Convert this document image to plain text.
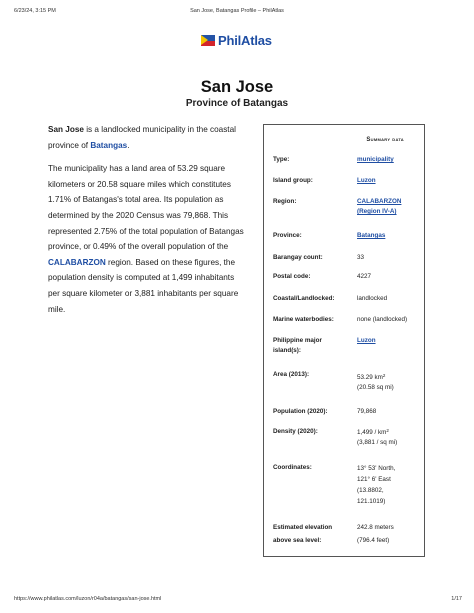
6/23/24, 3:15 PM	San Jose, Batangas Profile – PhilAtlas
PhilAtlas
San Jose
Province of Batangas

San Jose is a landlocked municipality in the coastal province of Batangas.

The municipality has a land area of 53.29 square kilometers or 20.58 square miles which constitutes 1.71% of Batangas's total area. Its population as determined by the 2020 Census was 79,868. This represented 2.75% of the total population of Batangas province, or 0.49% of the overall population of the CALABARZON region. Based on these figures, the population density is computed at 1,499 inhabitants per square kilometer or 3,881 inhabitants per square mile.

Summary data
Type:	municipality
Island group:	Luzon
Region:	CALABARZON
(Region IV-A)
Province:	Batangas
Barangay count:	33
Postal code:	4227
Coastal/Landlocked:	landlocked
Marine waterbodies:	none (landlocked)
Philippine major
island(s):
Luzon
Area (2013):	53.29 $km^2$
(20.58 sq mi)
Population (2020):	79,868
Density (2020):	$1,499 / km^2$
(3,881 / sq mi)
Coordinates:	13° 53' North,
121° 6' East
(13.8802,
121.1019)
Estimated elevation
above sea level:
242.8 meters
(796.4 feet)
https://www.philatlas.com/luzon/r04a/batangas/san-jose.html	1/17
